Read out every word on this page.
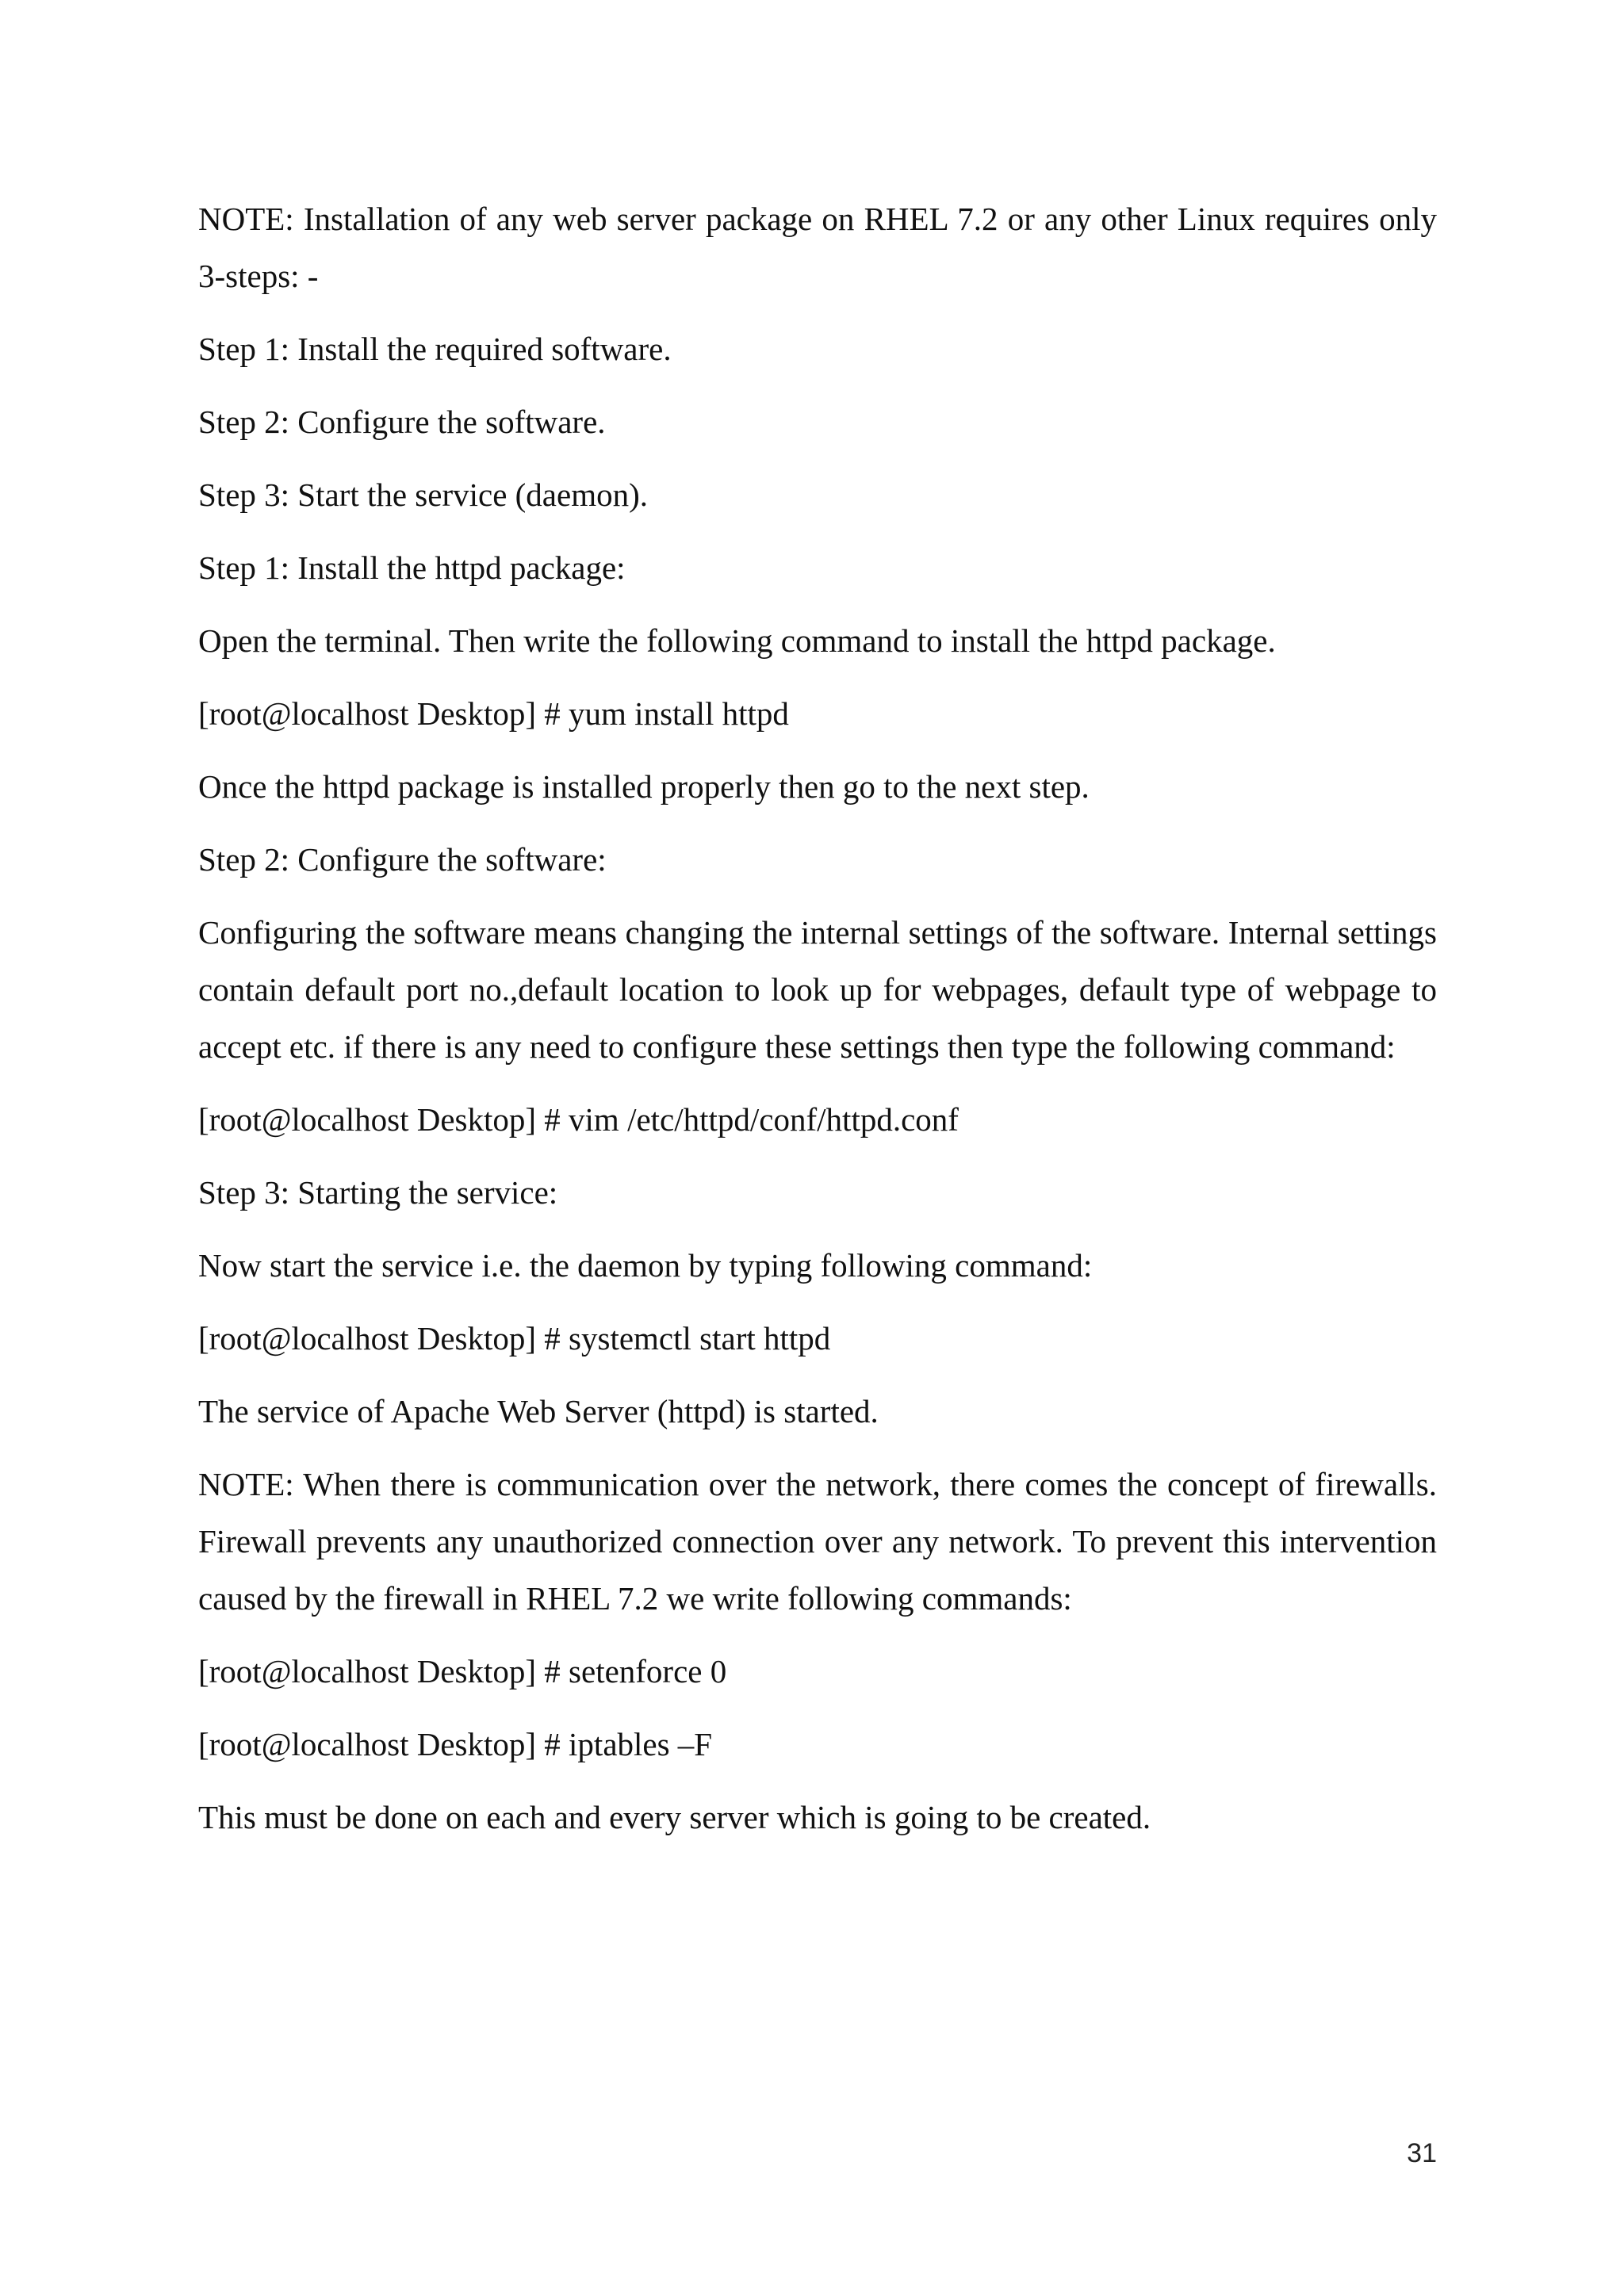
NOTE: Installation of any web server package on RHEL 7.2 or any other Linux requires only 3-steps: -

Step 1: Install the required software.

Step 2: Configure the software.

Step 3: Start the service (daemon).

Step 1: Install the httpd package:

Open the terminal. Then write the following command to install the httpd package.

[root@localhost Desktop] # yum install httpd

Once the httpd package is installed properly then go to the next step.

Step 2: Configure the software:

Configuring the software means changing the internal settings of the software. Internal settings contain default port no.,default location to look up for webpages, default type of webpage to accept etc. if there is any need to configure these settings then type the following command:

[root@localhost Desktop] # vim /etc/httpd/conf/httpd.conf

Step 3: Starting the service:

Now start the service i.e. the daemon by typing following command:

[root@localhost Desktop] # systemctl start httpd

The service of Apache Web Server (httpd) is started.

NOTE: When there is communication over the network, there comes the concept of firewalls. Firewall prevents any unauthorized connection over any network. To prevent this intervention caused by the firewall in RHEL 7.2 we write following commands:

[root@localhost Desktop] # setenforce 0

[root@localhost Desktop] # iptables –F

This must be done on each and every server which is going to be created.

31
